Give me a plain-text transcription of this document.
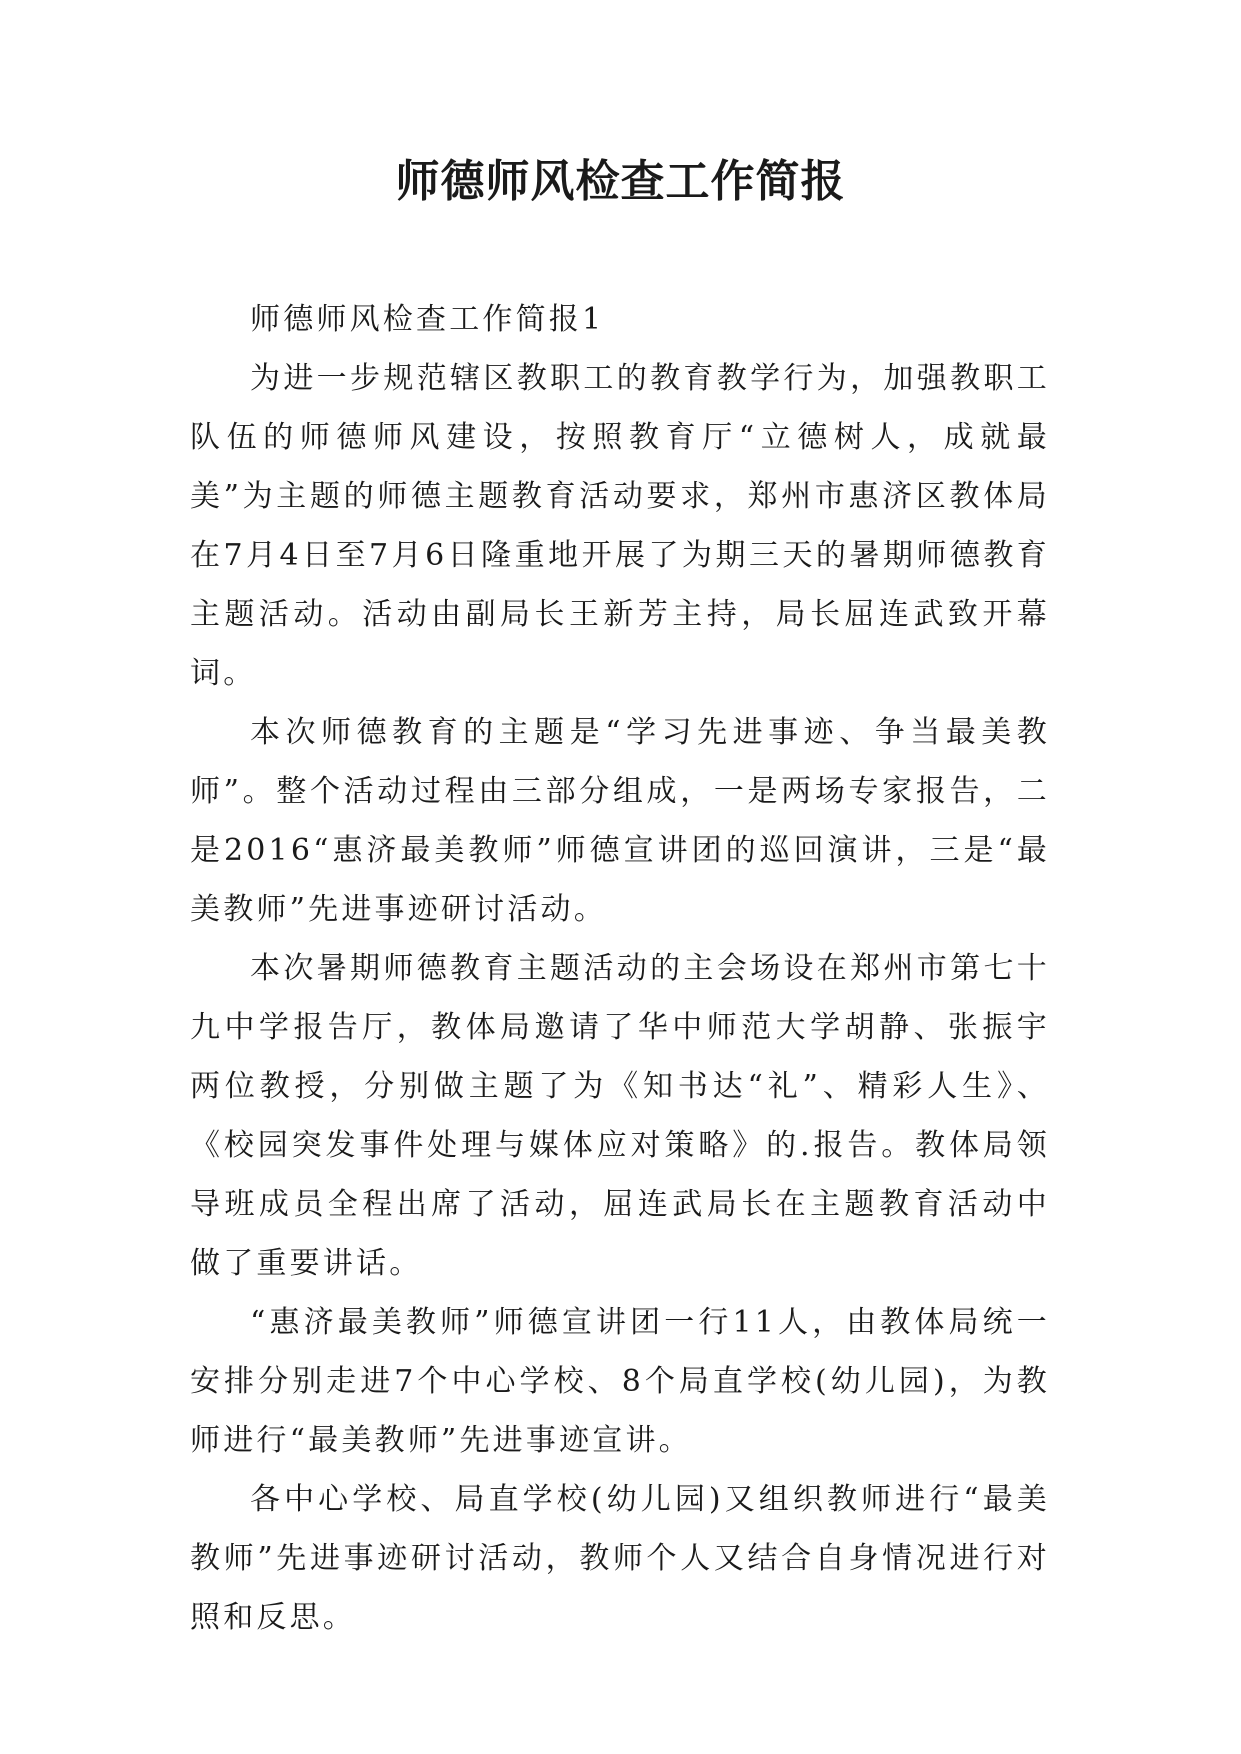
师德师风检查工作简报

师德师风检查工作简报1

为进一步规范辖区教职工的教育教学行为，加强教职工队伍的师德师风建设，按照教育厅“立德树人，成就最美”为主题的师德主题教育活动要求，郑州市惠济区教体局在7月4日至7月6日隆重地开展了为期三天的暑期师德教育主题活动。活动由副局长王新芳主持，局长屈连武致开幕词。

本次师德教育的主题是“学习先进事迹、争当最美教师”。整个活动过程由三部分组成，一是两场专家报告，二是2016“惠济最美教师”师德宣讲团的巡回演讲，三是“最美教师”先进事迹研讨活动。

本次暑期师德教育主题活动的主会场设在郑州市第七十九中学报告厅，教体局邀请了华中师范大学胡静、张振宇两位教授，分别做主题了为《知书达“礼”、精彩人生》、《校园突发事件处理与媒体应对策略》的.报告。教体局领导班成员全程出席了活动，屈连武局长在主题教育活动中做了重要讲话。

“惠济最美教师”师德宣讲团一行11人，由教体局统一安排分别走进7个中心学校、8个局直学校(幼儿园)，为教师进行“最美教师”先进事迹宣讲。

各中心学校、局直学校(幼儿园)又组织教师进行“最美教师”先进事迹研讨活动，教师个人又结合自身情况进行对照和反思。
